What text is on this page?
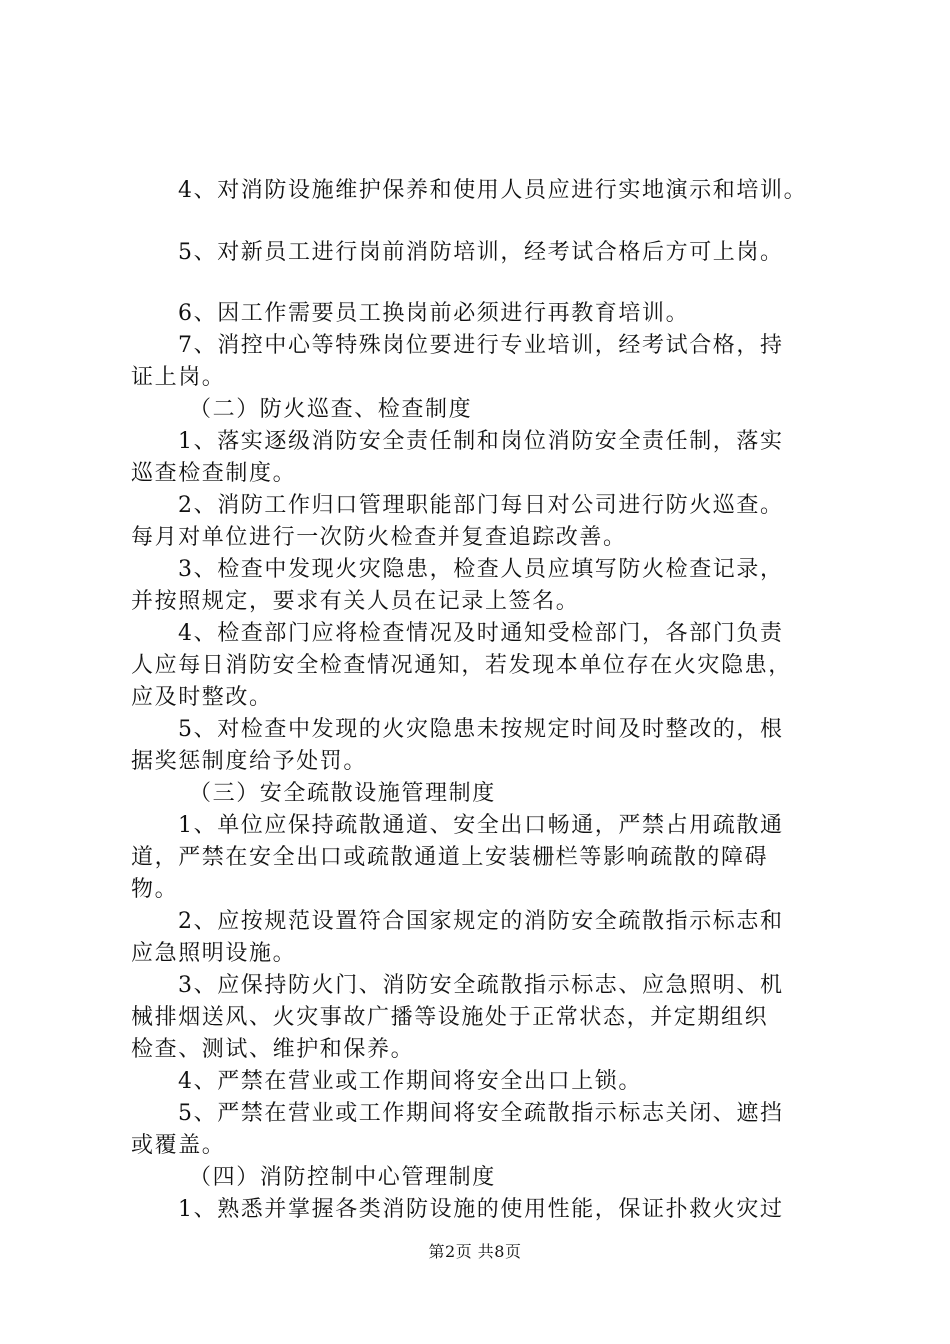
4、对消防设施维护保养和使用人员应进行实地演示和培训。
5、对新员工进行岗前消防培训，经考试合格后方可上岗。
6、因工作需要员工换岗前必须进行再教育培训。
7、消控中心等特殊岗位要进行专业培训，经考试合格，持
证上岗。
（二）防火巡查、检查制度
1、落实逐级消防安全责任制和岗位消防安全责任制，落实
巡查检查制度。
2、消防工作归口管理职能部门每日对公司进行防火巡查。
每月对单位进行一次防火检查并复查追踪改善。
3、检查中发现火灾隐患，检查人员应填写防火检查记录，
并按照规定，要求有关人员在记录上签名。
4、检查部门应将检查情况及时通知受检部门，各部门负责
人应每日消防安全检查情况通知，若发现本单位存在火灾隐患，
应及时整改。
5、对检查中发现的火灾隐患未按规定时间及时整改的，根
据奖惩制度给予处罚。
（三）安全疏散设施管理制度
1、单位应保持疏散通道、安全出口畅通，严禁占用疏散通
道，严禁在安全出口或疏散通道上安装栅栏等影响疏散的障碍
物。
2、应按规范设置符合国家规定的消防安全疏散指示标志和
应急照明设施。
3、应保持防火门、消防安全疏散指示标志、应急照明、机
械排烟送风、火灾事故广播等设施处于正常状态，并定期组织
检查、测试、维护和保养。
4、严禁在营业或工作期间将安全出口上锁。
5、严禁在营业或工作期间将安全疏散指示标志关闭、遮挡
或覆盖。
（四）消防控制中心管理制度
1、熟悉并掌握各类消防设施的使用性能，保证扑救火灾过
第2页 共8页
